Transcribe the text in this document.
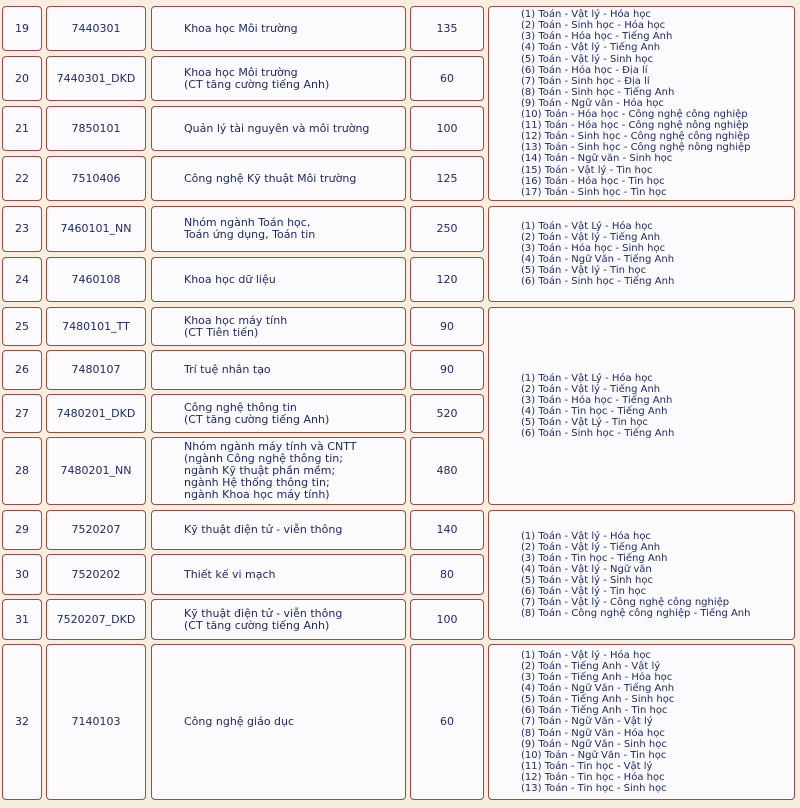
19	7440301	Khoa học Môi trường	135
20	7440301_DKD	Khoa học Môi trường
(CT tăng cường tiếng Anh)	60
21	7850101	Quản lý tài nguyên và môi trường	100
22	7510406	Công nghệ Kỹ thuật Môi trường	125
(1) Toán - Vật lý - Hóa học
(2) Toán - Sinh học - Hóa học
(3) Toán - Hóa học - Tiếng Anh
(4) Toán - Vật lý - Tiếng Anh
(5) Toán - Vật lý - Sinh học
(6) Toán - Hóa học - Địa lí
(7) Toán - Sinh học - Địa lí
(8) Toán - Sinh học - Tiếng Anh
(9) Toán - Ngữ văn - Hóa học
(10) Toán - Hóa học - Công nghệ công nghiệp
(11) Toán - Hóa học - Công nghệ nông nghiệp
(12) Toán - Sinh học - Công nghệ công nghiệp
(13) Toán - Sinh học - Công nghệ nông nghiệp
(14) Toán - Ngữ văn - Sinh học
(15) Toán - Vật lý - Tin học
(16) Toán - Hóa học - Tin học
(17) Toán - Sinh học - Tin học
23	7460101_NN	Nhóm ngành Toán học,
Toán ứng dụng, Toán tin	250
24	7460108	Khoa học dữ liệu	120
(1) Toán - Vật Lý - Hóa học
(2) Toán - Vật lý - Tiếng Anh
(3) Toán - Hóa học - Sinh học
(4) Toán - Ngữ Văn - Tiếng Anh
(5) Toán - Vật lý - Tin học
(6) Toán - Sinh học - Tiếng Anh
25	7480101_TT	Khoa học máy tính
(CT Tiên tiến)	90
26	7480107	Trí tuệ nhân tạo	90
27	7480201_DKD	Công nghệ thông tin
(CT tăng cường tiếng Anh)	520
28	7480201_NN
Nhóm ngành máy tính và CNTT
(ngành Công nghệ thông tin;
ngành Kỹ thuật phần mềm;
ngành Hệ thống thông tin;
ngành Khoa học máy tính)
480
(1) Toán - Vật Lý - Hóa học
(2) Toán - Vật lý - Tiếng Anh
(3) Toán - Hóa học - Tiếng Anh
(4) Toán - Tin học - Tiếng Anh
(5) Toán - Vật Lý - Tin học
(6) Toán - Sinh học - Tiếng Anh
29	7520207	Kỹ thuật điện tử - viễn thông	140
30	7520202	Thiết kế vi mạch	80
31	7520207_DKD	Kỹ thuật điện tử - viễn thông
(CT tăng cường tiếng Anh)	100
(1) Toán - Vật lý - Hóa học
(2) Toán - Vật lý - Tiếng Anh
(3) Toán - Tin học - Tiếng Anh
(4) Toán - Vật lý - Ngữ văn
(5) Toán - Vật lý - Sinh học
(6) Toán - Vật lý - Tin học
(7) Toán - Vật lý - Công nghệ công nghiệp
(8) Toán - Công nghệ công nghiệp - Tiếng Anh
32	7140103	Công nghệ giáo dục	60
(1) Toán - Vật lý - Hóa học
(2) Toán - Tiếng Anh - Vật lý
(3) Toán - Tiếng Anh - Hóa học
(4) Toán - Ngữ Văn - Tiếng Anh
(5) Toán - Tiếng Anh - Sinh học
(6) Toán - Tiếng Anh - Tin học
(7) Toán - Ngữ Văn - Vật lý
(8) Toán - Ngữ Văn - Hóa học
(9) Toán - Ngữ Văn - Sinh học
(10) Toán - Ngữ Văn - Tin học
(11) Toán - Tin học - Vật lý
(12) Toán - Tin học - Hóa học
(13) Toán - Tin học - Sinh học
